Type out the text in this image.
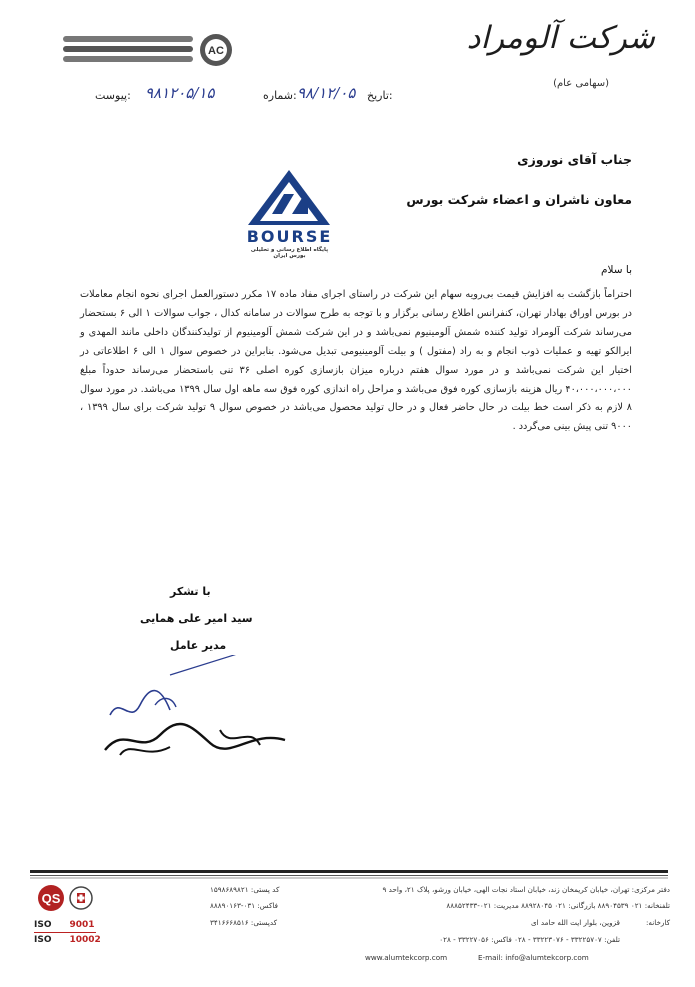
AC	شرکت آلومراد
(سهامی عام)
تاریخ:
۹۸/۱۲/۰۵
شماره:
۹۸۱۲۰۵/۱۵
پیوست:
جناب آقای نوروزی
معاون ناشران و اعضاء شرکت بورس
BOURSE
پایگاه اطلاع رسانی و تحلیلی بورس ایران
با سلام
احتراماً بازگشت به افزایش قیمت بی‌رویه سهام این شرکت در راستای اجرای مفاد ماده ۱۷ مکرر دستورالعمل اجرای نحوه انجام معاملات در بورس اوراق بهادار تهران، کنفرانس اطلاع رسانی برگزار و با توجه به طرح سوالات در سامانه کدال ، جواب سوالات ۱ الی ۶ بستحضار می‌رساند شرکت آلومراد تولید کننده شمش آلومینیوم نمی‌باشد و در این شرکت شمش آلومینیوم از تولیدکنندگان داخلی مانند المهدی و ایرالکو تهیه و عملیات ذوب انجام و به راد (مفتول ) و بیلت آلومینیومی تبدیل می‌شود. بنابراین در خصوص سوال ۱ الی ۶ اطلاعاتی در اختیار این شرکت نمی‌باشد و در مورد سوال هفتم درباره میزان بازسازی کوره اصلی ۳۶ تنی باستحضار می‌رساند حدوداً مبلغ ۴۰،۰۰۰،۰۰۰،۰۰۰ ریال هزینه بازسازی کوره فوق می‌باشد و مراحل راه اندازی کوره فوق سه ماهه اول سال ۱۳۹۹ می‌باشد. در مورد سوال ۸ لازم به ذکر است خط بیلت در حال حاضر فعال و در حال تولید محصول می‌باشد در خصوص سوال ۹ تولید شرکت برای سال ۱۳۹۹ ، ۹۰۰۰ تنی پیش بینی می‌گردد .
با تشکر
سید امیر علی همایی
مدیر عامل
QS
ISO 9001
ISO 10002
دفتر مرکزی: تهران، خیابان کریمخان زند، خیابان استاد نجات الهی، خیابان ورشو، پلاک ۲۱، واحد ۹
کد پستی: ۱۵۹۸۶۸۹۸۲۱
تلفنخانه: ۰۲۱ ۸۸۹۰۴۵۳۹ بازرگانی: ۰۲۱ ۸۸۹۲۸۰۴۵ مدیریت: ۰۲۱-۸۸۸۵۲۴۳۳
فاکس: ۰۳۱-۸۸۸۹۰۱۶۳
کارخانه:
قزوین، بلوار ایت الله حامد ای
کدپستی: ۳۴۱۶۶۶۸۵۱۶
تلفن: ۳۳۲۲۵۷۰۷ - ۳۳۲۲۳۰۷۶ - ۰۲۸ فاکس: ۳۳۲۲۷۰۵۶ - ۰۲۸
www.alumtekcorp.com	E-mail: info@alumtekcorp.com
